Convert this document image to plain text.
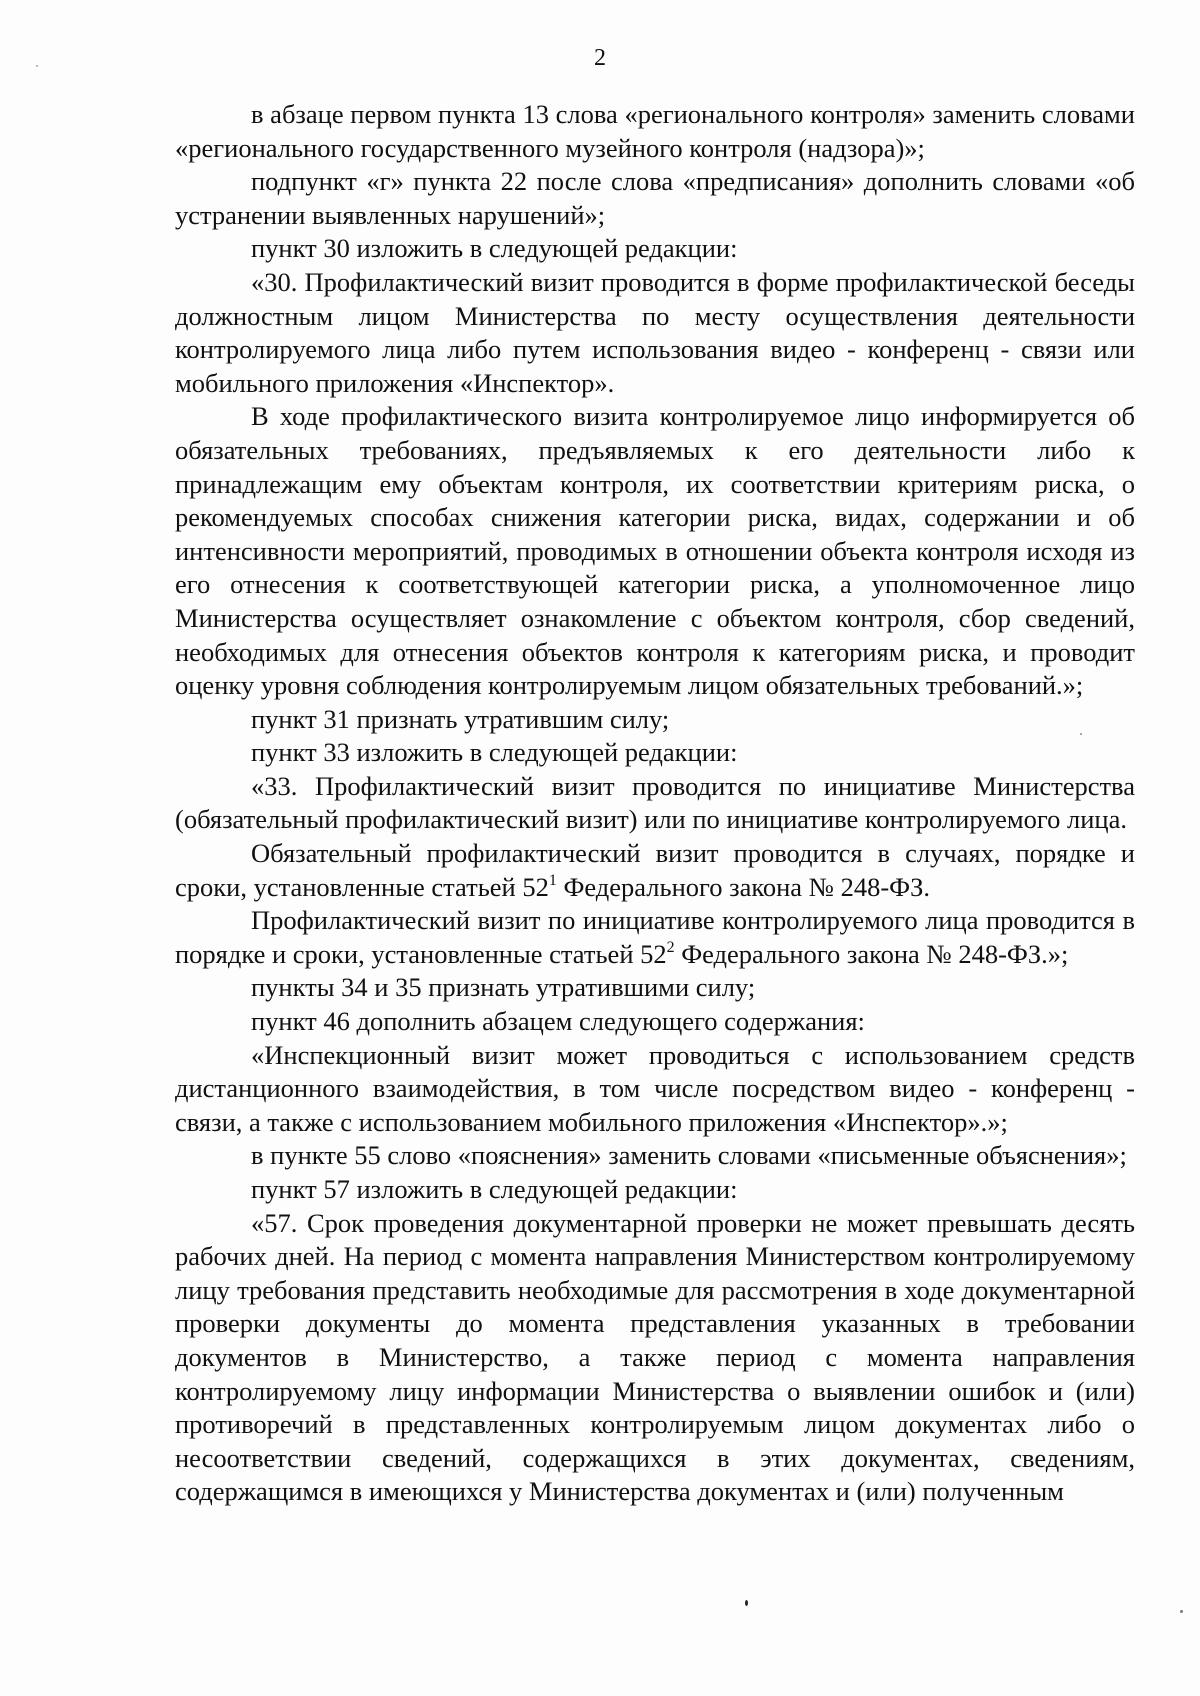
2

в абзаце первом пункта 13 слова «регионального контроля» заменить словами «регионального государственного музейного контроля (надзора)»;

подпункт «г» пункта 22 после слова «предписания» дополнить словами «об устранении выявленных нарушений»;

пункт 30 изложить в следующей редакции:

«30. Профилактический визит проводится в форме профилактической беседы должностным лицом Министерства по месту осуществления деятельности контролируемого лица либо путем использования видео - конференц - связи или мобильного приложения «Инспектор».

В ходе профилактического визита контролируемое лицо информируется об обязательных требованиях, предъявляемых к его деятельности либо к принадлежащим ему объектам контроля, их соответствии критериям риска, о рекомендуемых способах снижения категории риска, видах, содержании и об интенсивности мероприятий, проводимых в отношении объекта контроля исходя из его отнесения к соответствующей категории риска, а уполномоченное лицо Министерства осуществляет ознакомление с объектом контроля, сбор сведений, необходимых для отнесения объектов контроля к категориям риска, и проводит оценку уровня соблюдения контролируемым лицом обязательных требований.»;

пункт 31 признать утратившим силу;

пункт 33 изложить в следующей редакции:

«33. Профилактический визит проводится по инициативе Министерства (обязательный профилактический визит) или по инициативе контролируемого лица.

Обязательный профилактический визит проводится в случаях, порядке и сроки, установленные статьей $52^1$ Федерального закона № 248-ФЗ.

Профилактический визит по инициативе контролируемого лица проводится в порядке и сроки, установленные статьей $52^2$ Федерального закона № 248-ФЗ.»;

пункты 34 и 35 признать утратившими силу;

пункт 46 дополнить абзацем следующего содержания:

«Инспекционный визит может проводиться с использованием средств дистанционного взаимодействия, в том числе посредством видео - конференц - связи, а также с использованием мобильного приложения «Инспектор».»;

в пункте 55 слово «пояснения» заменить словами «письменные объяснения»;

пункт 57 изложить в следующей редакции:

«57. Срок проведения документарной проверки не может превышать десять рабочих дней. На период с момента направления Министерством контролируемому лицу требования представить необходимые для рассмотрения в ходе документарной проверки документы до момента представления указанных в требовании документов в Министерство, а также период с момента направления контролируемому лицу информации Министерства о выявлении ошибок и (или) противоречий в представленных контролируемым лицом документах либо о несоответствии сведений, содержащихся в этих документах, сведениям, содержащимся в имеющихся у Министерства документах и (или) полученным
